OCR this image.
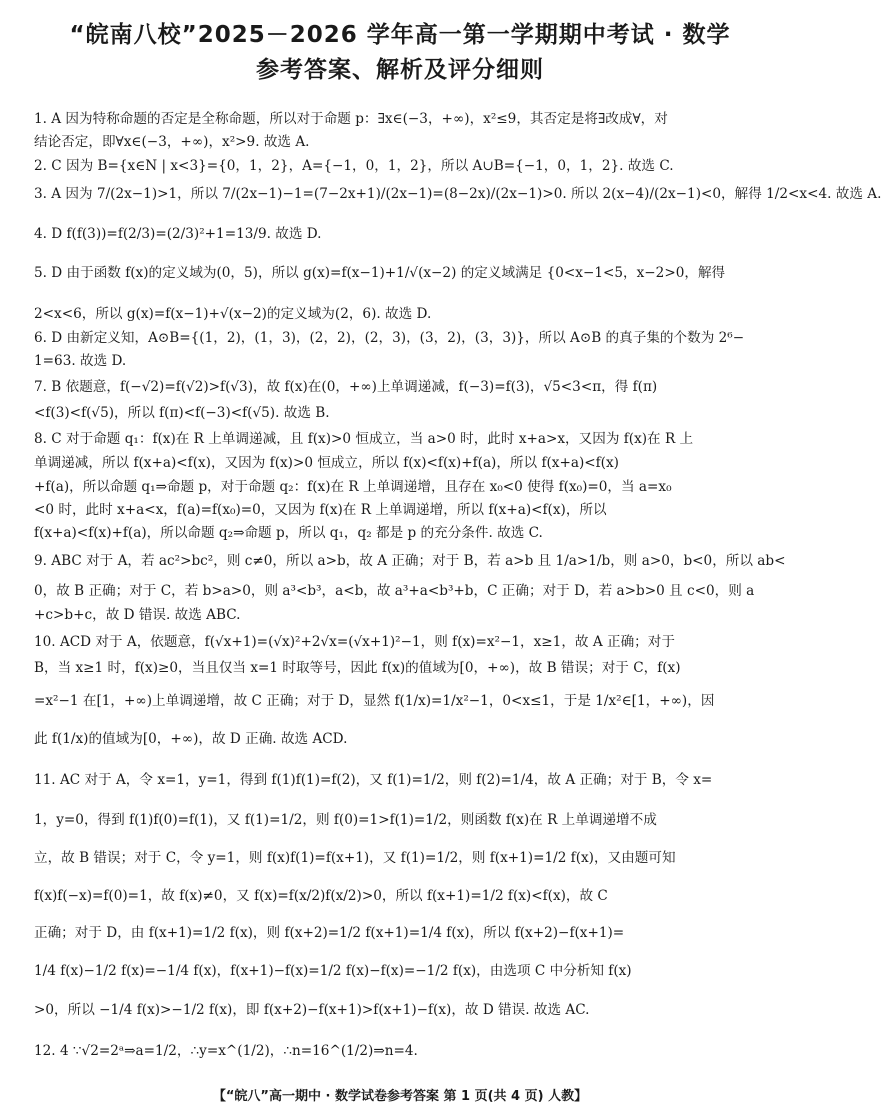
“皖南八校”2025－2026 学年高一第一学期期中考试 · 数学
参考答案、解析及评分细则
1. A 因为特称命题的否定是全称命题，所以对于命题 p：∃x∈(−3，+∞)，x²≤9，其否定是将∃改成∀，对
结论否定，即∀x∈(−3，+∞)，x²>9. 故选 A.
2. C 因为 B={x∈N | x<3}={0，1，2}，A={−1，0，1，2}，所以 A∪B={−1，0，1，2}. 故选 C.
3. A 因为 7/(2x−1)>1，所以 7/(2x−1)−1=(7−2x+1)/(2x−1)=(8−2x)/(2x−1)>0. 所以 2(x−4)/(2x−1)<0，解得 1/2<x<4. 故选 A.
4. D f(f(3))=f(2/3)=(2/3)²+1=13/9. 故选 D.
5. D 由于函数 f(x)的定义域为(0，5)，所以 g(x)=f(x−1)+1/√(x−2) 的定义域满足 {0<x−1<5，x−2>0，解得
2<x<6，所以 g(x)=f(x−1)+√(x−2)的定义域为(2，6). 故选 D.
6. D 由新定义知，A⊙B={(1，2)，(1，3)，(2，2)，(2，3)，(3，2)，(3，3)}，所以 A⊙B 的真子集的个数为 2⁶−
1=63. 故选 D.
7. B 依题意，f(−√2)=f(√2)>f(√3)，故 f(x)在(0，+∞)上单调递减，f(−3)=f(3)，√5<3<π，得 f(π)
<f(3)<f(√5)，所以 f(π)<f(−3)<f(√5). 故选 B.
8. C 对于命题 q₁：f(x)在 R 上单调递减，且 f(x)>0 恒成立，当 a>0 时，此时 x+a>x，又因为 f(x)在 R 上
单调递减，所以 f(x+a)<f(x)，又因为 f(x)>0 恒成立，所以 f(x)<f(x)+f(a)，所以 f(x+a)<f(x)
+f(a)，所以命题 q₁⇒命题 p，对于命题 q₂：f(x)在 R 上单调递增，且存在 x₀<0 使得 f(x₀)=0，当 a=x₀
<0 时，此时 x+a<x，f(a)=f(x₀)=0，又因为 f(x)在 R 上单调递增，所以 f(x+a)<f(x)，所以
f(x+a)<f(x)+f(a)，所以命题 q₂⇒命题 p，所以 q₁，q₂ 都是 p 的充分条件. 故选 C.
9. ABC 对于 A，若 ac²>bc²，则 c≠0，所以 a>b，故 A 正确；对于 B，若 a>b 且 1/a>1/b，则 a>0，b<0，所以 ab<
0，故 B 正确；对于 C，若 b>a>0，则 a³<b³，a<b，故 a³+a<b³+b，C 正确；对于 D，若 a>b>0 且 c<0，则 a
+c>b+c，故 D 错误. 故选 ABC.
10. ACD 对于 A，依题意，f(√x+1)=(√x)²+2√x=(√x+1)²−1，则 f(x)=x²−1，x≥1，故 A 正确；对于
B，当 x≥1 时，f(x)≥0，当且仅当 x=1 时取等号，因此 f(x)的值域为[0，+∞)，故 B 错误；对于 C，f(x)
=x²−1 在[1，+∞)上单调递增，故 C 正确；对于 D，显然 f(1/x)=1/x²−1，0<x≤1，于是 1/x²∈[1，+∞)，因
此 f(1/x)的值域为[0，+∞)，故 D 正确. 故选 ACD.
11. AC 对于 A，令 x=1，y=1，得到 f(1)f(1)=f(2)，又 f(1)=1/2，则 f(2)=1/4，故 A 正确；对于 B，令 x=
1，y=0，得到 f(1)f(0)=f(1)，又 f(1)=1/2，则 f(0)=1>f(1)=1/2，则函数 f(x)在 R 上单调递增不成
立，故 B 错误；对于 C，令 y=1，则 f(x)f(1)=f(x+1)，又 f(1)=1/2，则 f(x+1)=1/2 f(x)，又由题可知
f(x)f(−x)=f(0)=1，故 f(x)≠0，又 f(x)=f(x/2)f(x/2)>0，所以 f(x+1)=1/2 f(x)<f(x)，故 C
正确；对于 D，由 f(x+1)=1/2 f(x)，则 f(x+2)=1/2 f(x+1)=1/4 f(x)，所以 f(x+2)−f(x+1)=
1/4 f(x)−1/2 f(x)=−1/4 f(x)，f(x+1)−f(x)=1/2 f(x)−f(x)=−1/2 f(x)，由选项 C 中分析知 f(x)
>0，所以 −1/4 f(x)>−1/2 f(x)，即 f(x+2)−f(x+1)>f(x+1)−f(x)，故 D 错误. 故选 AC.
12. 4 ∵√2=2ᵃ⇒a=1/2，∴y=x^(1/2)，∴n=16^(1/2)⇒n=4.
【“皖八”高一期中 · 数学试卷参考答案 第 1 页(共 4 页) 人教】
